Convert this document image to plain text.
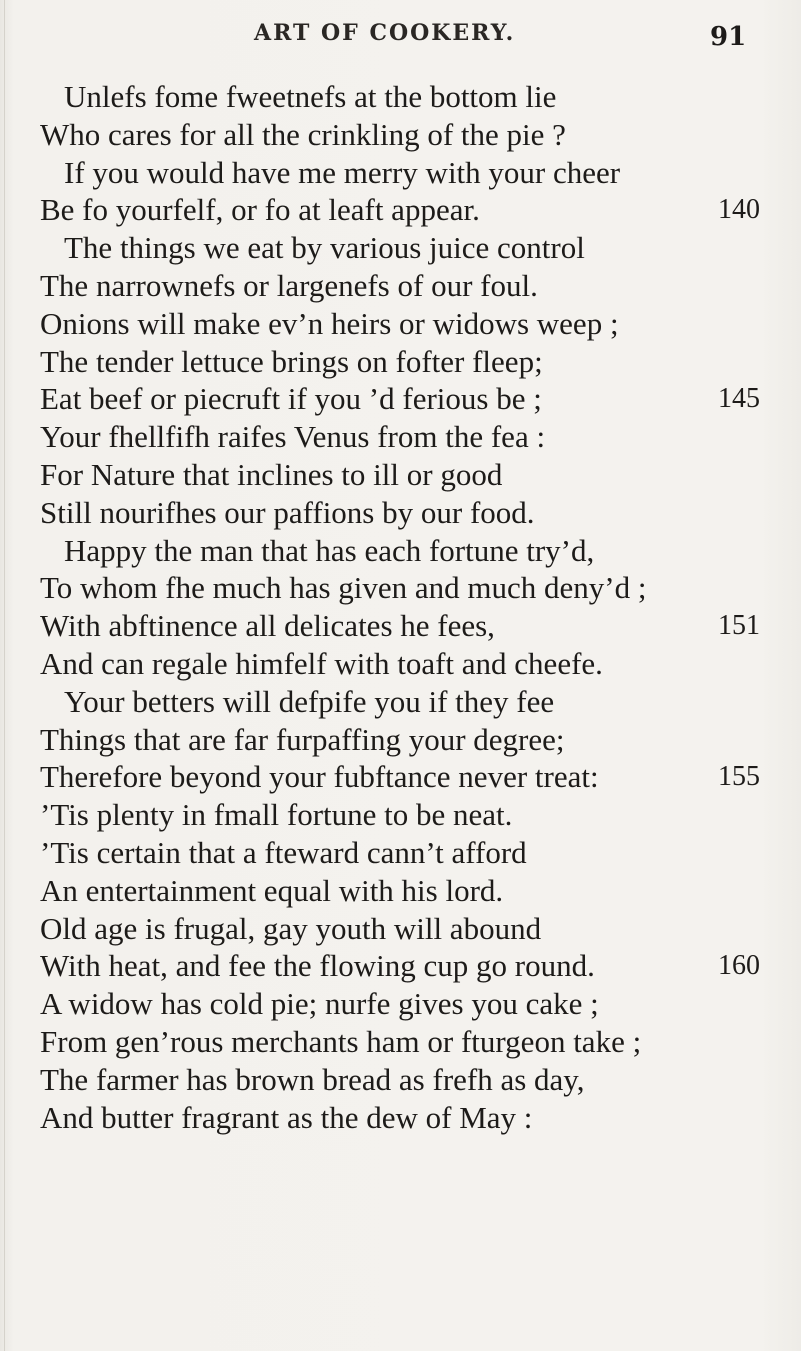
ART OF COOKERY.	91
Unlefs fome fweetnefs at the bottom lie
Who cares for all the crinkling of the pie ?
If you would have me merry with your cheer
Be fo yourfelf, or fo at leaft appear.	140
The things we eat by various juice control
The narrownefs or largenefs of our foul.
Onions will make ev’n heirs or widows weep ;
The tender lettuce brings on fofter fleep;
Eat beef or piecruft if you ’d ferious be ;	145
Your fhellfifh raifes Venus from the fea :
For Nature that inclines to ill or good
Still nourifhes our paffions by our food.
Happy the man that has each fortune try’d,
To whom fhe much has given and much deny’d ;
With abftinence all delicates he fees,	151
And can regale himfelf with toaft and cheefe.
Your betters will defpife you if they fee
Things that are far furpaffing your degree;
Therefore beyond your fubftance never treat:	155
’Tis plenty in fmall fortune to be neat.
’Tis certain that a fteward cann’t afford
An entertainment equal with his lord.
Old age is frugal, gay youth will abound
With heat, and fee the flowing cup go round.	160
A widow has cold pie; nurfe gives you cake ;
From gen’rous merchants ham or fturgeon take ;
The farmer has brown bread as frefh as day,
And butter fragrant as the dew of May :
